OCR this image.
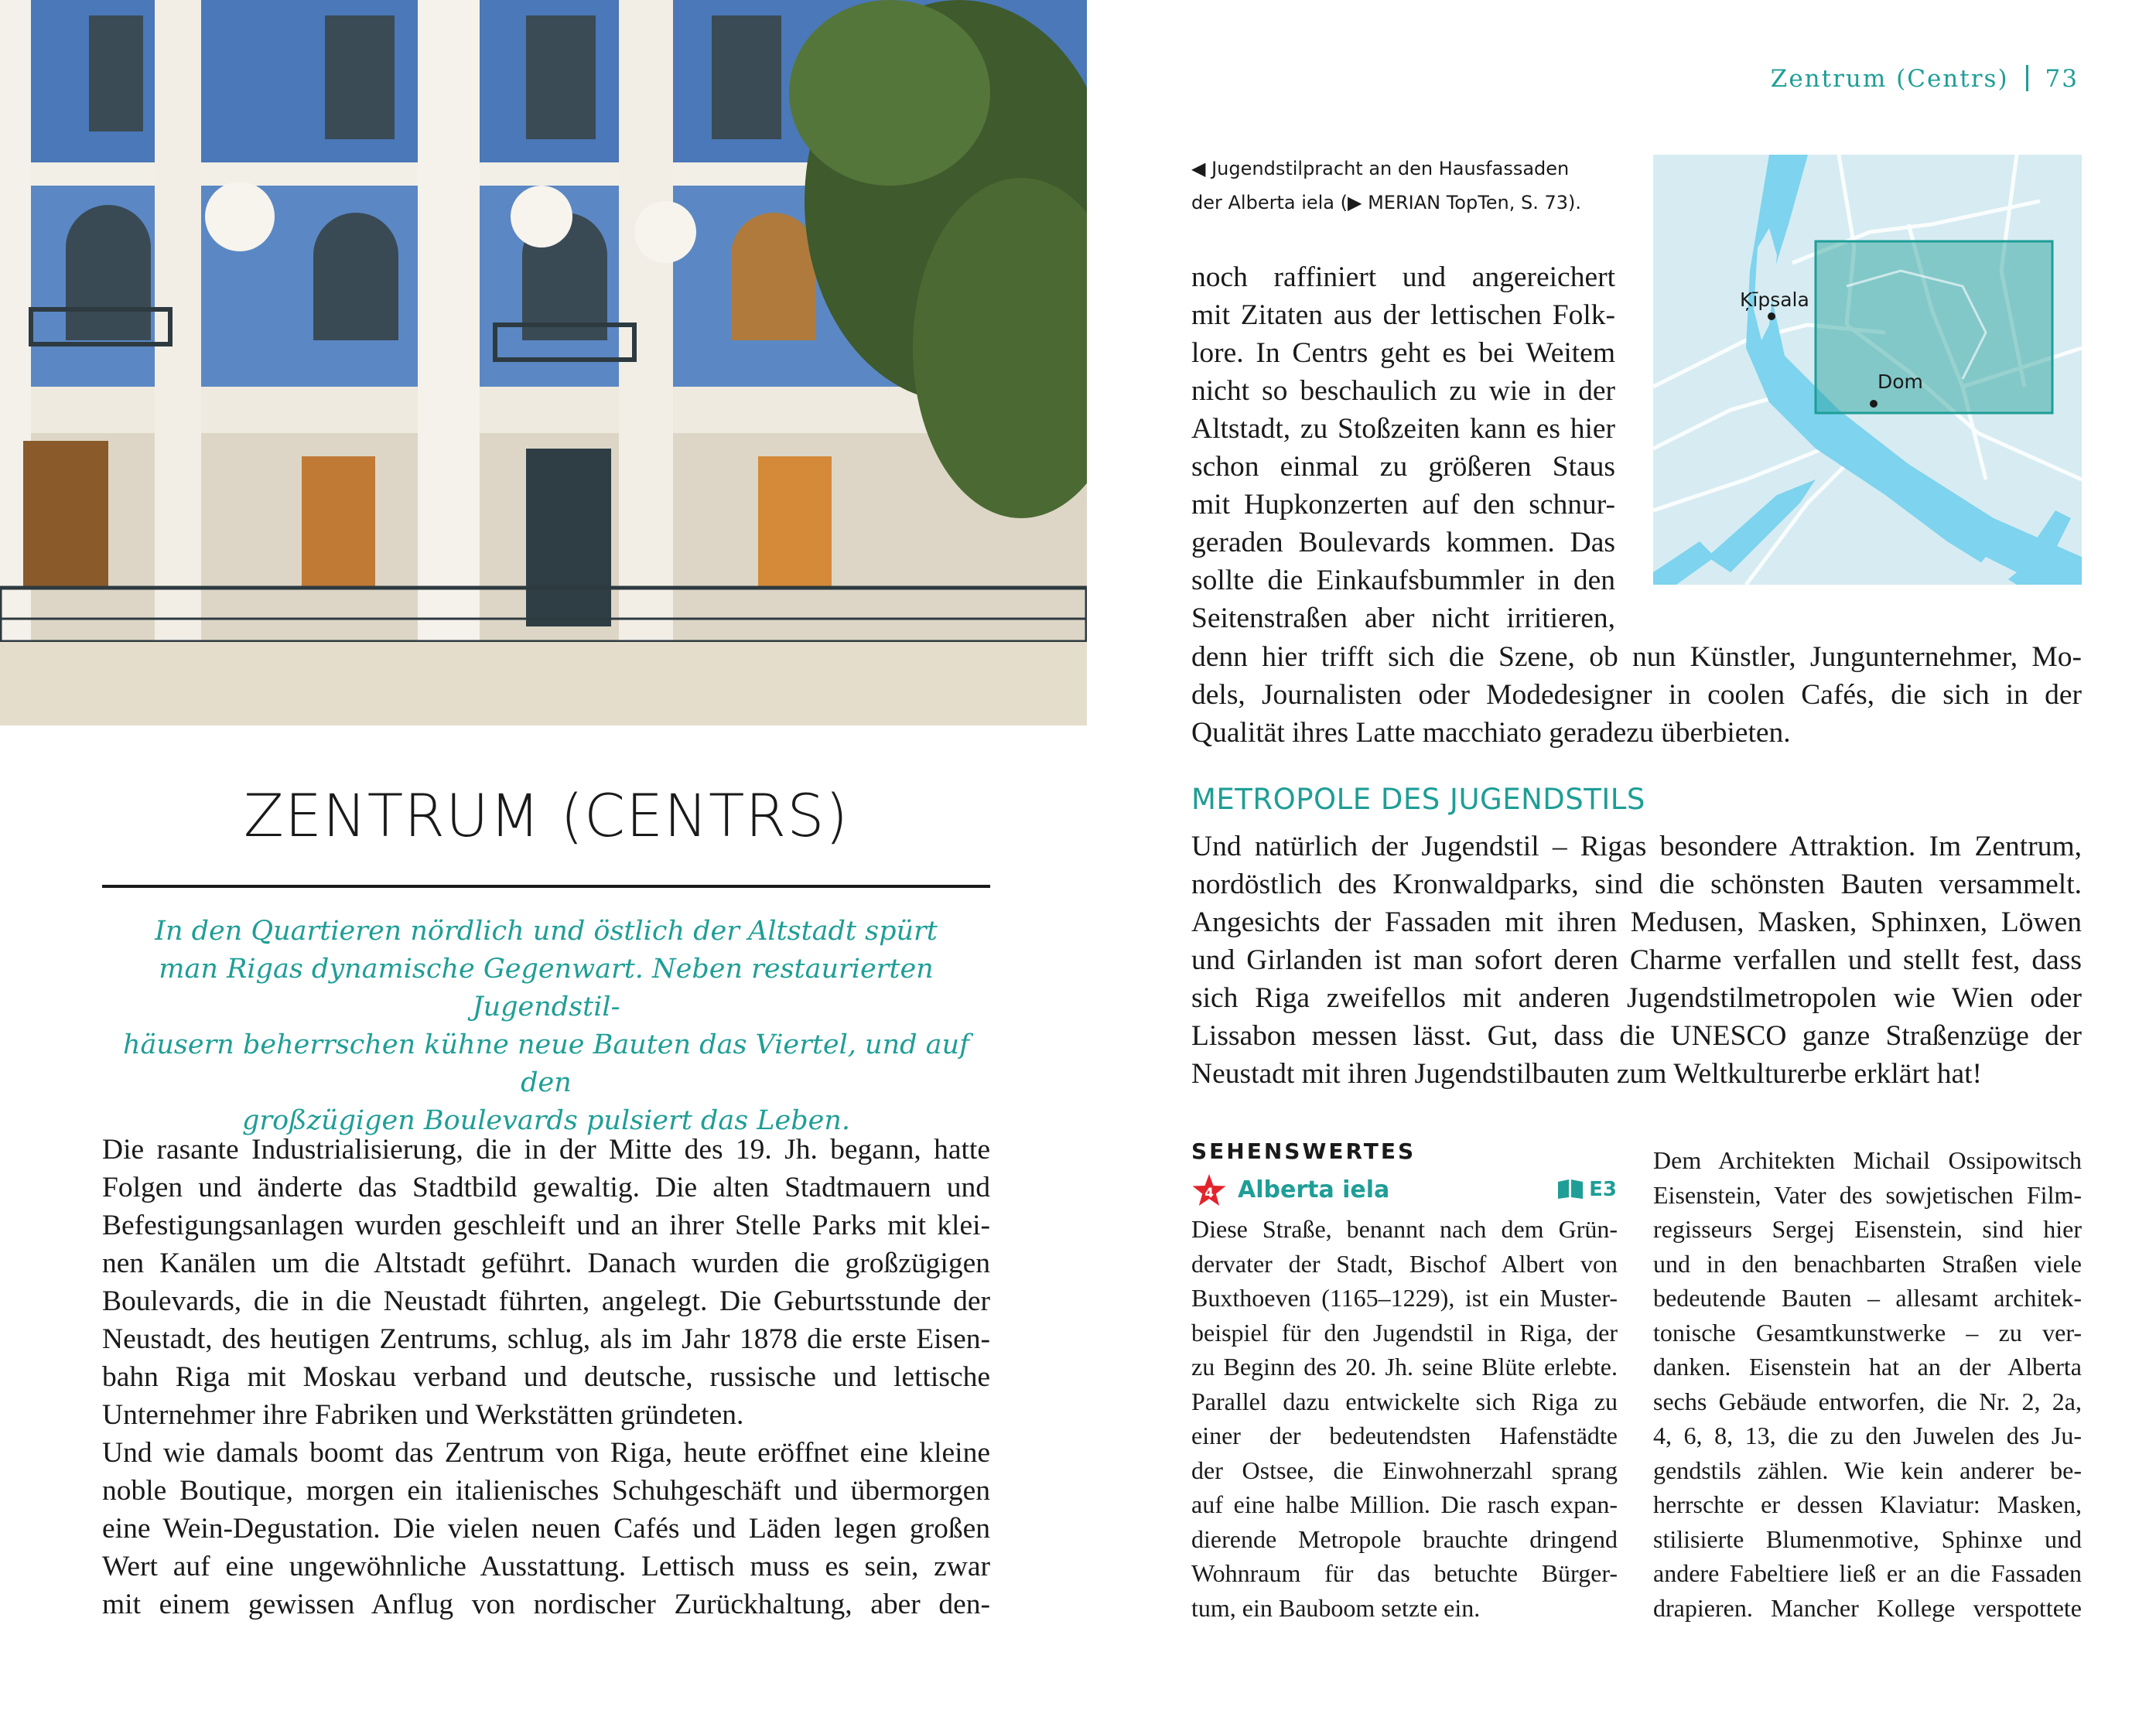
ZENTRUM (CENTRS)
In den Quartieren nördlich und östlich der Altstadt spürt
man Rigas dynamische Gegenwart. Neben restaurierten Jugendstil-
häusern beherrschen kühne neue Bauten das Viertel, und auf den
großzügigen Boulevards pulsiert das Leben.
Die rasante Industrialisierung, die in der Mitte des 19. Jh. begann, hatte
Folgen und änderte das Stadtbild gewaltig. Die alten Stadtmauern und
Befestigungsanlagen wurden geschleift und an ihrer Stelle Parks mit klei-
nen Kanälen um die Altstadt geführt. Danach wurden die großzügigen
Boulevards, die in die Neustadt führten, angelegt. Die Geburtsstunde der
Neustadt, des heutigen Zentrums, schlug, als im Jahr 1878 die erste Eisen-
bahn Riga mit Moskau verband und deutsche, russische und lettische
Unternehmer ihre Fabriken und Werkstätten gründeten.
Und wie damals boomt das Zentrum von Riga, heute eröffnet eine kleine
noble Boutique, morgen ein italienisches Schuhgeschäft und übermorgen
eine Wein-Degustation. Die vielen neuen Cafés und Läden legen großen
Wert auf eine ungewöhnliche Ausstattung. Lettisch muss es sein, zwar
mit einem gewissen Anflug von nordischer Zurückhaltung, aber den-
Zentrum (Centrs) 73
◀ Jugendstilpracht an den Hausfassaden
der Alberta iela (▶ MERIAN TopTen, S. 73).
Ķīpsala
Dom
noch raffiniert und angereichert
mit Zitaten aus der lettischen Folk-
lore. In Centrs geht es bei Weitem
nicht so beschaulich zu wie in der
Altstadt, zu Stoßzeiten kann es hier
schon einmal zu größeren Staus
mit Hupkonzerten auf den schnur-
geraden Boulevards kommen. Das
sollte die Einkaufsbummler in den
Seitenstraßen aber nicht irritieren,
denn hier trifft sich die Szene, ob nun Künstler, Jungunternehmer, Mo-
dels, Journalisten oder Modedesigner in coolen Cafés, die sich in der
Qualität ihres Latte macchiato geradezu überbieten.
METROPOLE DES JUGENDSTILS
Und natürlich der Jugendstil – Rigas besondere Attraktion. Im Zentrum,
nordöstlich des Kronwaldparks, sind die schönsten Bauten versammelt.
Angesichts der Fassaden mit ihren Medusen, Masken, Sphinxen, Löwen
und Girlanden ist man sofort deren Charme verfallen und stellt fest, dass
sich Riga zweifellos mit anderen Jugendstilmetropolen wie Wien oder
Lissabon messen lässt. Gut, dass die UNESCO ganze Straßenzüge der
Neustadt mit ihren Jugendstilbauten zum Weltkulturerbe erklärt hat!
SEHENSWERTES
4 Alberta iela	E3
Diese Straße, benannt nach dem Grün-
dervater der Stadt, Bischof Albert von
Buxthoeven (1165–1229), ist ein Muster-
beispiel für den Jugendstil in Riga, der
zu Beginn des 20. Jh. seine Blüte erlebte.
Parallel dazu entwickelte sich Riga zu
einer der bedeutendsten Hafenstädte
der Ostsee, die Einwohnerzahl sprang
auf eine halbe Million. Die rasch expan-
dierende Metropole brauchte dringend
Wohnraum für das betuchte Bürger-
tum, ein Bauboom setzte ein.
Dem Architekten Michail Ossipowitsch
Eisenstein, Vater des sowjetischen Film-
regisseurs Sergej Eisenstein, sind hier
und in den benachbarten Straßen viele
bedeutende Bauten – allesamt architek-
tonische Gesamtkunstwerke – zu ver-
danken. Eisenstein hat an der Alberta
sechs Gebäude entworfen, die Nr. 2, 2a,
4, 6, 8, 13, die zu den Juwelen des Ju-
gendstils zählen. Wie kein anderer be-
herrschte er dessen Klaviatur: Masken,
stilisierte Blumenmotive, Sphinxe und
andere Fabeltiere ließ er an die Fassaden
drapieren. Mancher Kollege verspottete
